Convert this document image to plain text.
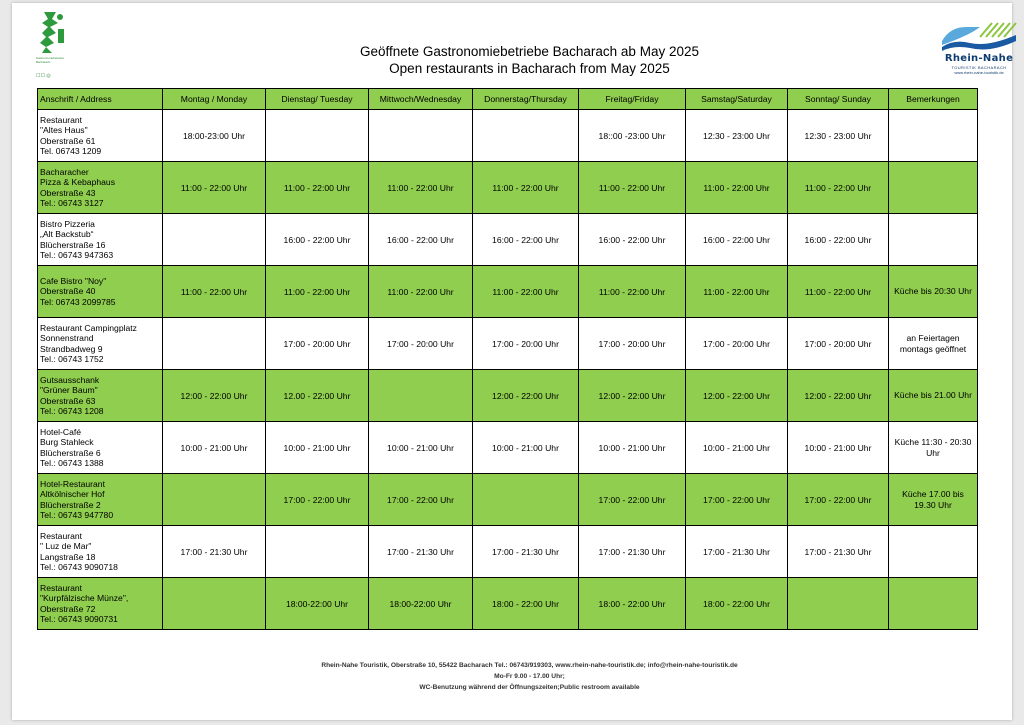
Gastronomiebetriebe
Bacharach
☐☐ ◎
Rhein-Nahe
TOURISTIK BACHARACH
www.rhein-nahe-touristik.de
Geöffnete Gastronomiebetriebe Bacharach ab May 2025
Open restaurants in Bacharach from May 2025
Anschrift / Address	Montag / Monday	Dienstag/ Tuesday	Mittwoch/Wednesday	Donnerstag/Thursday	Freitag/Friday	Samstag/Saturday	Sonntag/ Sunday	Bemerkungen

Restaurant
"Altes Haus"
Oberstraße 61
Tel. 06743 1209	18:00-23:00 Uhr				18::00 -23:00 Uhr	12:30 - 23:00 Uhr	12:30 - 23:00 Uhr	

Bacharacher
Pizza & Kebaphaus
Oberstraße 43
Tel.: 06743 3127	11:00 - 22:00 Uhr	11:00 - 22:00 Uhr	11:00 - 22:00 Uhr	11:00 - 22:00 Uhr	11:00 - 22:00 Uhr	11:00 - 22:00 Uhr	11:00 - 22:00 Uhr	

Bistro Pizzeria
„Alt Backstub“
Blücherstraße 16
Tel.: 06743 947363		16:00 - 22:00 Uhr	16:00 - 22:00 Uhr	16:00 - 22:00 Uhr	16:00 - 22:00 Uhr	16:00 - 22:00 Uhr	16:00 - 22:00 Uhr	

Cafe Bistro "Noy"
Oberstraße 40
Tel: 06743 2099785	11:00 - 22:00 Uhr	11:00 - 22:00 Uhr	11:00 - 22:00 Uhr	11:00 - 22:00 Uhr	11:00 - 22:00 Uhr	11:00 - 22:00 Uhr	11:00 - 22:00 Uhr	Küche bis 20:30 Uhr

Restaurant Campingplatz
Sonnenstrand
Strandbadweg 9
Tel.: 06743 1752		17:00 - 20:00 Uhr	17:00 - 20:00 Uhr	17:00 - 20:00 Uhr	17:00 - 20:00 Uhr	17:00 - 20:00 Uhr	17:00 - 20:00 Uhr	an Feiertagen montags geöffnet

Gutsausschank
"Grüner Baum"
Oberstraße 63
Tel.: 06743 1208	12:00 - 22:00 Uhr	12.00 - 22:00 Uhr		12:00 - 22:00 Uhr	12:00 - 22:00 Uhr	12:00 - 22:00 Uhr	12:00 - 22:00 Uhr	Küche bis 21.00 Uhr

Hotel-Café
Burg Stahleck
Blücherstraße 6
Tel.: 06743 1388	10:00 - 21:00 Uhr	10:00 - 21:00 Uhr	10:00 - 21:00 Uhr	10:00 - 21:00 Uhr	10:00 - 21:00 Uhr	10:00 - 21:00 Uhr	10:00 - 21:00 Uhr	Küche 11:30 - 20:30 Uhr

Hotel-Restaurant
Altkölnischer Hof
Blücherstraße 2
Tel.: 06743 947780		17:00 - 22:00 Uhr	17:00 - 22:00 Uhr		17:00 - 22:00 Uhr	17:00 - 22:00 Uhr	17:00 - 22:00 Uhr	Küche 17.00 bis 19.30 Uhr

Restaurant
" Luz de Mar"
Langstraße 18
Tel.: 06743 9090718	17:00 - 21:30 Uhr		17:00 - 21:30 Uhr	17:00 - 21:30 Uhr	17:00 - 21:30 Uhr	17:00 - 21:30 Uhr	17:00 - 21:30 Uhr	

Restaurant
"Kurpfälzische Münze",
Oberstraße 72
Tel.: 06743 9090731		18:00-22:00 Uhr	18:00-22:00 Uhr	18:00 - 22:00 Uhr	18:00 - 22:00 Uhr	18:00 - 22:00 Uhr		
Rhein-Nahe Touristik, Oberstraße 10, 55422 Bacharach Tel.: 06743/919303, www.rhein-nahe-touristik.de; info@rhein-nahe-touristik.de
Mo-Fr 9.00 - 17.00 Uhr;
WC-Benutzung während der Öffnungszeiten;Public restroom available
